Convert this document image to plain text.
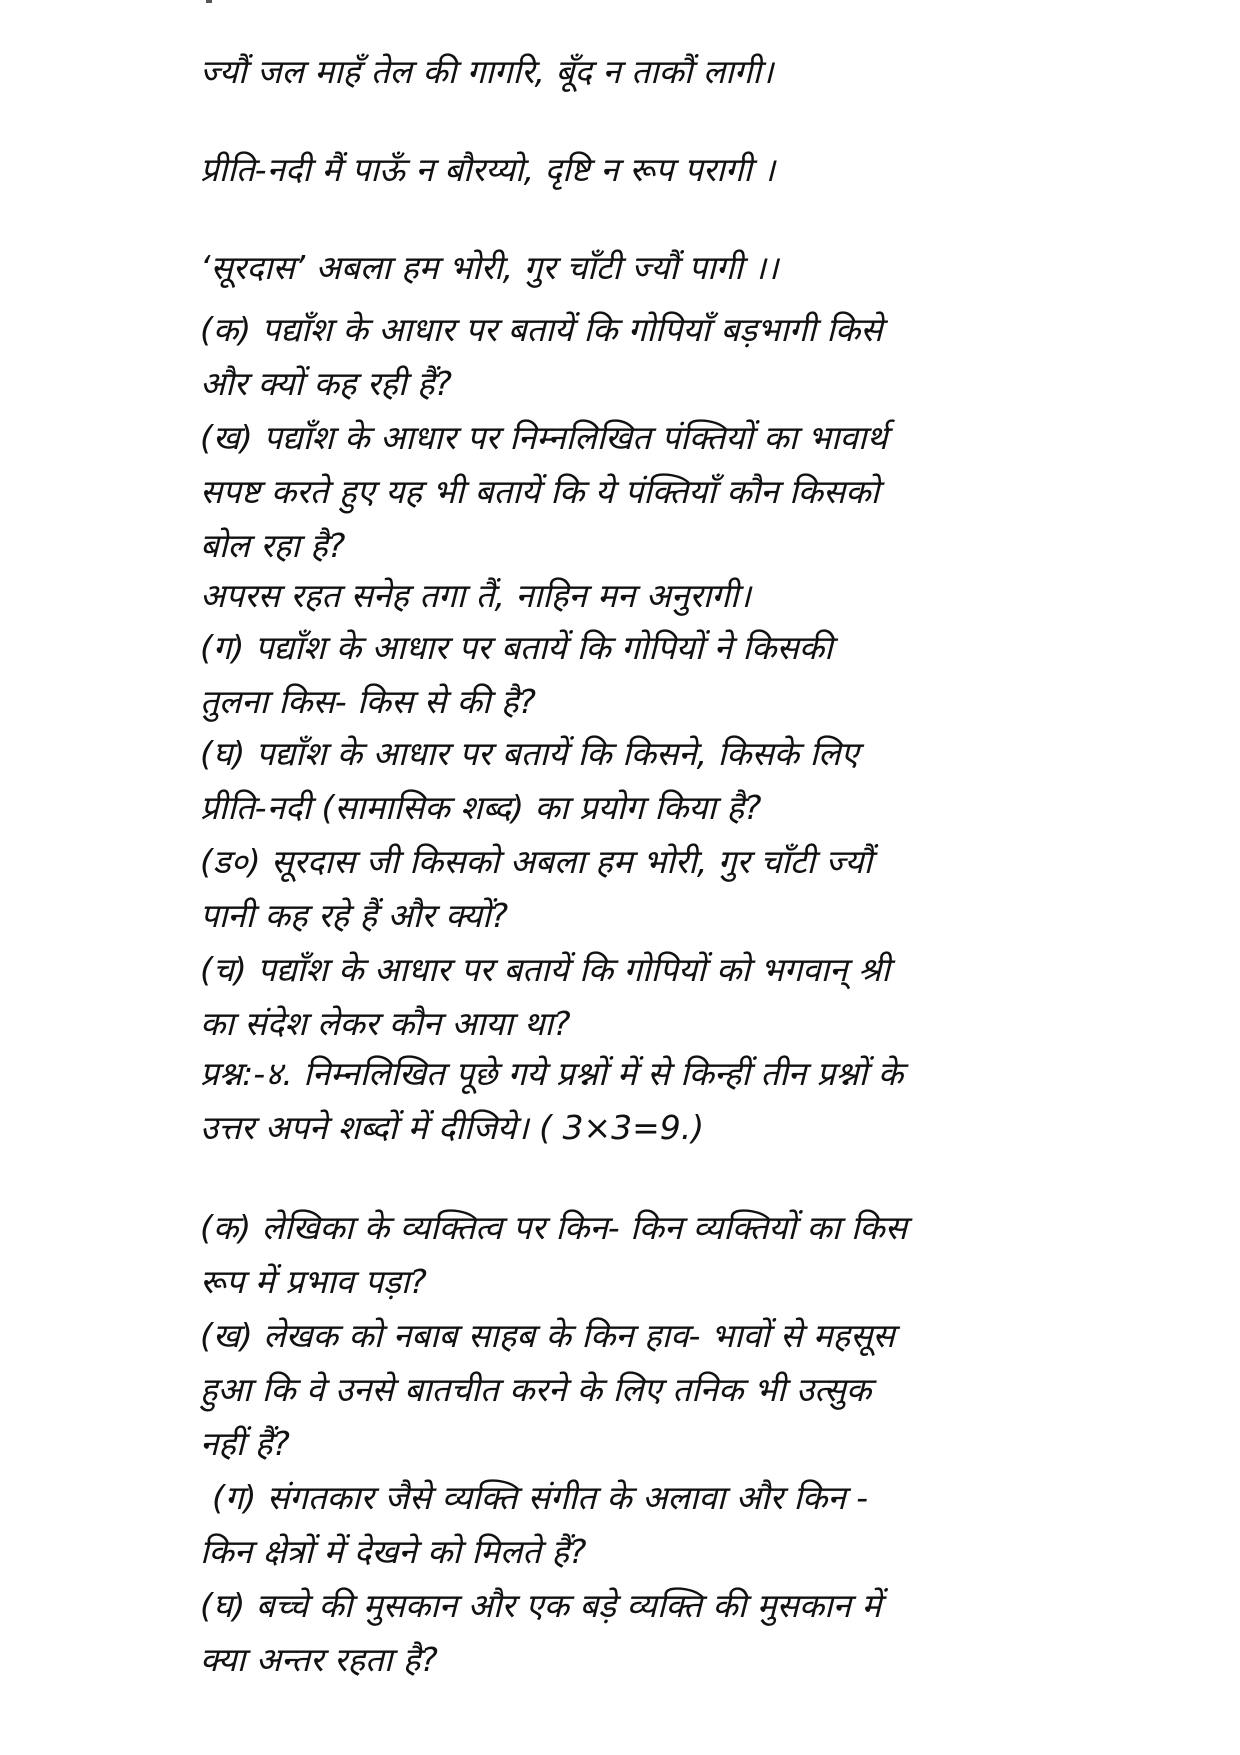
ज्यौं जल माहँ तेल की गागरि, बूँद न ताकौं लागी।
प्रीति-नदी मैं पाऊँ न बौरय्यो, दृष्टि न रूप परागी ।
‘सूरदास’ अबला हम भोरी, गुर चाँटी ज्यौं पागी ।।
(क) पद्याँश के आधार पर बतायें कि गोपियाँ बड़भागी किसे
और क्यों कह रही हैं?
(ख) पद्याँश के आधार पर निम्नलिखित पंक्तियों का भावार्थ
सपष्ट करते हुए यह भी बतायें कि ये पंक्तियाँ कौन किसको
बोल रहा है?
अपरस रहत सनेह तगा तैं, नाहिन मन अनुरागी।
(ग) पद्याँश के आधार पर बतायें कि गोपियों ने किसकी
तुलना किस- किस से की है?
(घ) पद्याँश के आधार पर बतायें कि किसने, किसके लिए
प्रीति-नदी (सामासिक शब्द) का प्रयोग किया है?
(ड०) सूरदास जी किसको अबला हम भोरी, गुर चाँटी ज्यौं
पानी कह रहे हैं और क्यों?
(च) पद्याँश के आधार पर बतायें कि गोपियों को भगवान् श्री
का संदेश लेकर कौन आया था?
प्रश्न:-४. निम्नलिखित पूछे गये प्रश्नों में से किन्हीं तीन प्रश्नों के
उत्तर अपने शब्दों में दीजिये। ( 3×3=9.)
(क) लेखिका के व्यक्तित्व पर किन- किन व्यक्तियों का किस
रूप में प्रभाव पड़ा?
(ख) लेखक को नबाब साहब के किन हाव- भावों से महसूस
हुआ कि वे उनसे बातचीत करने के लिए तनिक भी उत्सुक
नहीं हैं?
(ग) संगतकार जैसे व्यक्ति संगीत के अलावा और किन -
किन क्षेत्रों में देखने को मिलते हैं?
(घ) बच्चे की मुसकान और एक बड़े व्यक्ति की मुसकान में
क्या अन्तर रहता है?
